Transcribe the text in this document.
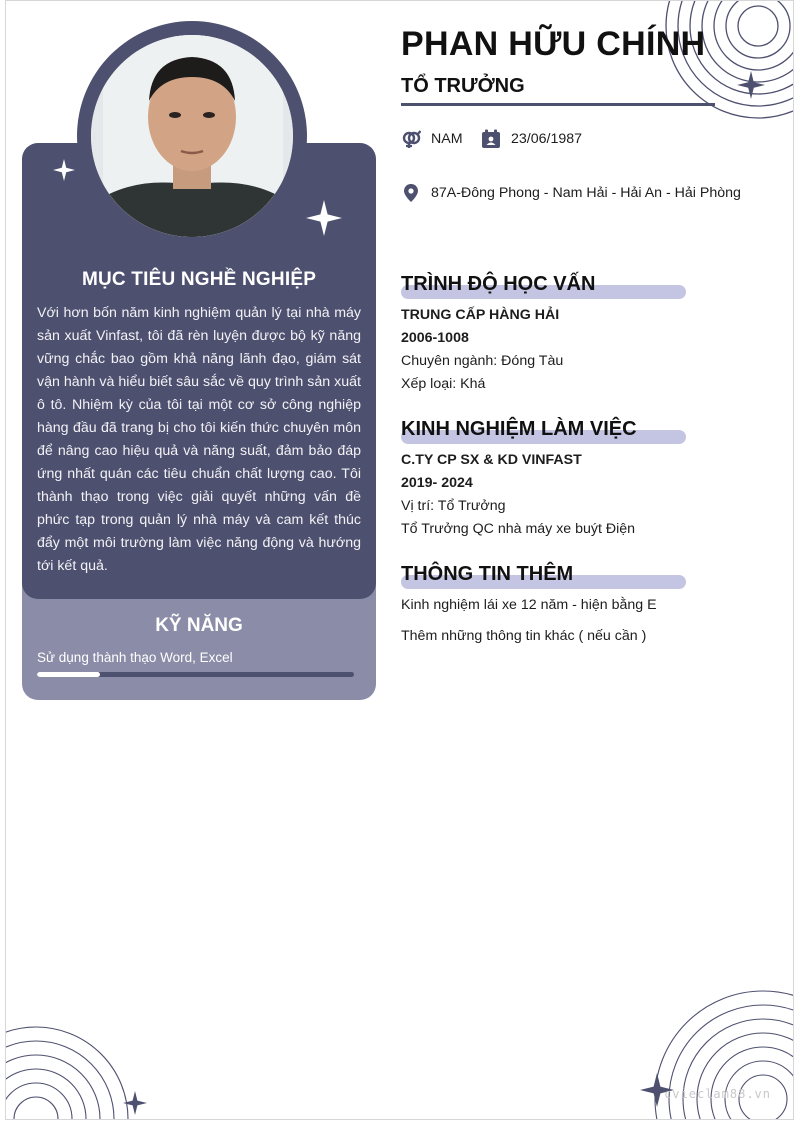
MỤC TIÊU NGHỀ NGHIỆP
Với hơn bốn năm kinh nghiệm quản lý tại nhà máy sản xuất Vinfast, tôi đã rèn luyện được bộ kỹ năng vững chắc bao gồm khả năng lãnh đạo, giám sát vận hành và hiểu biết sâu sắc về quy trình sản xuất ô tô. Nhiệm kỳ của tôi tại một cơ sở công nghiệp hàng đầu đã trang bị cho tôi kiến thức chuyên môn để nâng cao hiệu quả và năng suất, đảm bảo đáp ứng nhất quán các tiêu chuẩn chất lượng cao. Tôi thành thạo trong việc giải quyết những vấn đề phức tạp trong quản lý nhà máy và cam kết thúc đẩy một môi trường làm việc năng động và hướng tới kết quả.
KỸ NĂNG
Sử dụng thành thạo Word, Excel
PHAN HỮU CHÍNH
TỔ TRƯỞNG
NAM	23/06/1987
87A-Đông Phong - Nam Hải - Hải An - Hải Phòng
TRÌNH ĐỘ HỌC VẤN
TRUNG CẤP HÀNG HẢI
2006-1008
Chuyên ngành: Đóng Tàu
Xếp loại: Khá
KINH NGHIỆM LÀM VIỆC
C.TY CP SX & KD VINFAST
2019- 2024
Vị trí: Tổ Trưởng
Tổ Trưởng QC nhà máy xe buýt Điện
THÔNG TIN THÊM
Kinh nghiệm lái xe 12 năm - hiện bằng E
Thêm những thông tin khác ( nếu cần )
cvieclam88.vn
